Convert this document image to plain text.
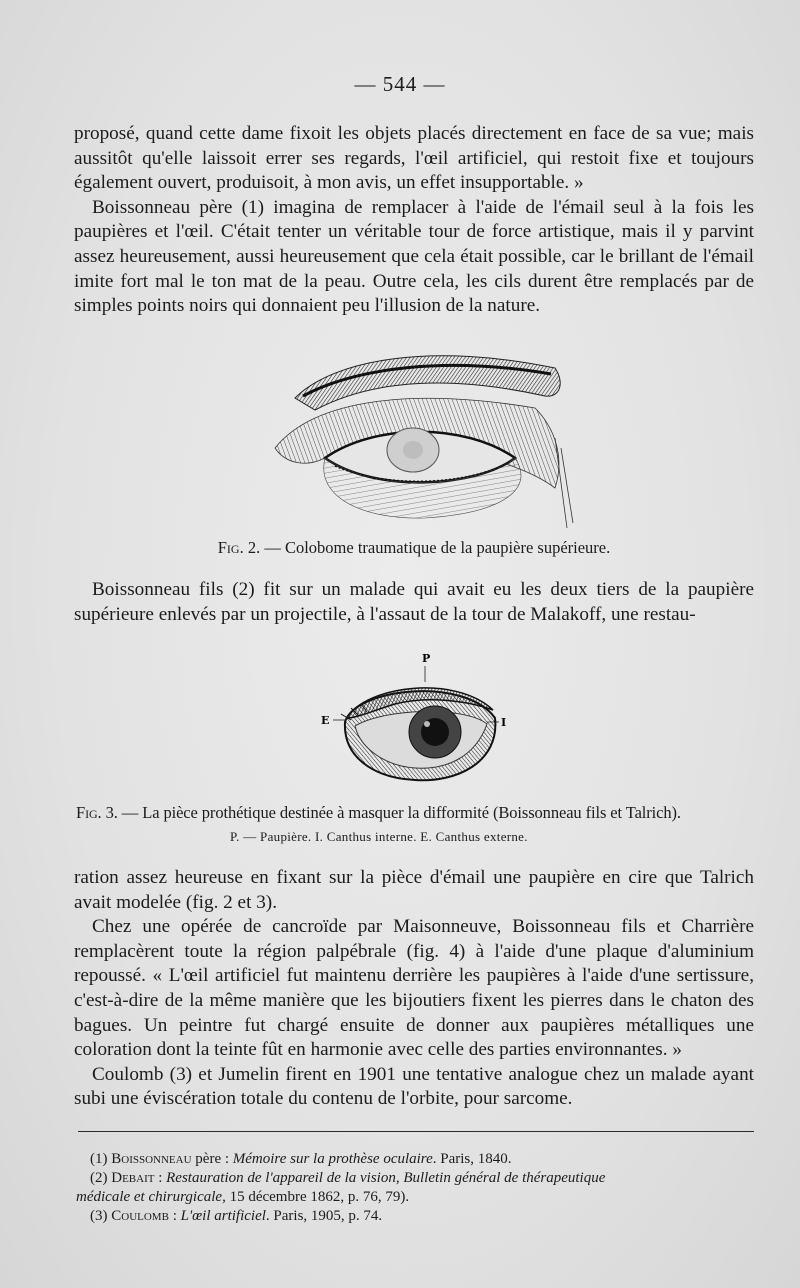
— 544 —

proposé, quand cette dame fixoit les objets placés directement en face de sa vue; mais aussitôt qu'elle laissoit errer ses regards, l'œil artificiel, qui restoit fixe et toujours également ouvert, produisoit, à mon avis, un effet insupportable. »

Boissonneau père (1) imagina de remplacer à l'aide de l'émail seul à la fois les paupières et l'œil. C'était tenter un véritable tour de force artistique, mais il y parvint assez heureusement, aussi heureusement que cela était possible, car le brillant de l'émail imite fort mal le ton mat de la peau. Outre cela, les cils durent être remplacés par de simples points noirs qui donnaient peu l'illusion de la nature.

Fig. 2. — Colobome traumatique de la paupière supérieure.

Boissonneau fils (2) fit sur un malade qui avait eu les deux tiers de la paupière supérieure enlevés par un projectile, à l'assaut de la tour de Malakoff, une restau-

P
E	I
Fig. 3. — La pièce prothétique destinée à masquer la difformité (Boissonneau fils et Talrich).
P. — Paupière. I. Canthus interne. E. Canthus externe.

ration assez heureuse en fixant sur la pièce d'émail une paupière en cire que Talrich avait modelée (fig. 2 et 3).

Chez une opérée de cancroïde par Maisonneuve, Boissonneau fils et Charrière remplacèrent toute la région palpébrale (fig. 4) à l'aide d'une plaque d'aluminium repoussé. « L'œil artificiel fut maintenu derrière les paupières à l'aide d'une sertissure, c'est-à-dire de la même manière que les bijoutiers fixent les pierres dans le chaton des bagues. Un peintre fut chargé ensuite de donner aux paupières métalliques une coloration dont la teinte fût en harmonie avec celle des parties environnantes. »

Coulomb (3) et Jumelin firent en 1901 une tentative analogue chez un malade ayant subi une éviscération totale du contenu de l'orbite, pour sarcome.

(1) Boissonneau père : Mémoire sur la prothèse oculaire. Paris, 1840.

(2) Debait : Restauration de l'appareil de la vision, Bulletin général de thérapeutique

médicale et chirurgicale, 15 décembre 1862, p. 76, 79).

(3) Coulomb : L'œil artificiel. Paris, 1905, p. 74.
